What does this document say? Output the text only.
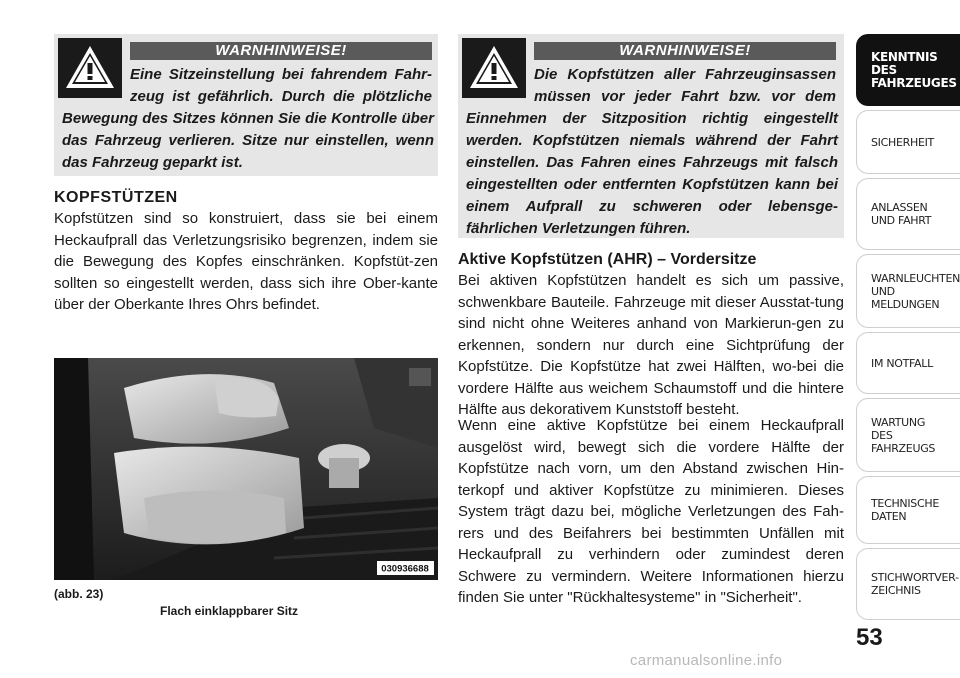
WARNHINWEISE!
Eine Sitzeinstellung bei fahrendem Fahr-
zeug ist gefährlich. Durch die plötzliche
Bewegung des Sitzes können Sie die Kontrolle über das Fahrzeug verlieren. Sitze nur einstellen, wenn das Fahrzeug geparkt ist.
KOPFSTÜTZEN
Kopfstützen sind so konstruiert, dass sie bei einem Heckaufprall das Verletzungsrisiko begrenzen, indem sie die Bewegung des Kopfes einschränken. Kopfstüt-zen sollten so eingestellt werden, dass sich ihre Ober-kante über der Oberkante Ihres Ohrs befindet.
030936688
(abb. 23)
Flach einklappbarer Sitz
WARNHINWEISE!
Die Kopfstützen aller Fahrzeuginsassen
müssen vor jeder Fahrt bzw. vor dem
Einnehmen der Sitzposition richtig eingestellt werden. Kopfstützen niemals während der Fahrt einstellen. Das Fahren eines Fahrzeugs mit falsch eingestellten oder entfernten Kopfstützen kann bei einem Aufprall zu schweren oder lebensge-fährlichen Verletzungen führen.
Aktive Kopfstützen (AHR) – Vordersitze
Bei aktiven Kopfstützen handelt es sich um passive, schwenkbare Bauteile. Fahrzeuge mit dieser Ausstat-tung sind nicht ohne Weiteres anhand von Markierun-gen zu erkennen, sondern nur durch eine Sichtprüfung der Kopfstütze. Die Kopfstütze hat zwei Hälften, wo-bei die vordere Hälfte aus weichem Schaumstoff und die hintere Hälfte aus dekorativem Kunststoff besteht.
Wenn eine aktive Kopfstütze bei einem Heckaufprall ausgelöst wird, bewegt sich die vordere Hälfte der Kopfstütze nach vorn, um den Abstand zwischen Hin-terkopf und aktiver Kopfstütze zu minimieren. Dieses System trägt dazu bei, mögliche Verletzungen des Fah-rers und des Beifahrers bei bestimmten Unfällen mit Heckaufprall zu verhindern oder zumindest deren Schwere zu vermindern. Weitere Informationen hierzu finden Sie unter "Rückhaltesysteme" in "Sicherheit".
KENNTNIS
DES
FAHRZEUGES
SICHERHEIT
ANLASSEN
UND FAHRT
WARNLEUCHTEN
UND
MELDUNGEN
IM NOTFALL
WARTUNG
DES
FAHRZEUGS
TECHNISCHE
DATEN
STICHWORTVER-
ZEICHNIS
53
carmanualsonline.info
